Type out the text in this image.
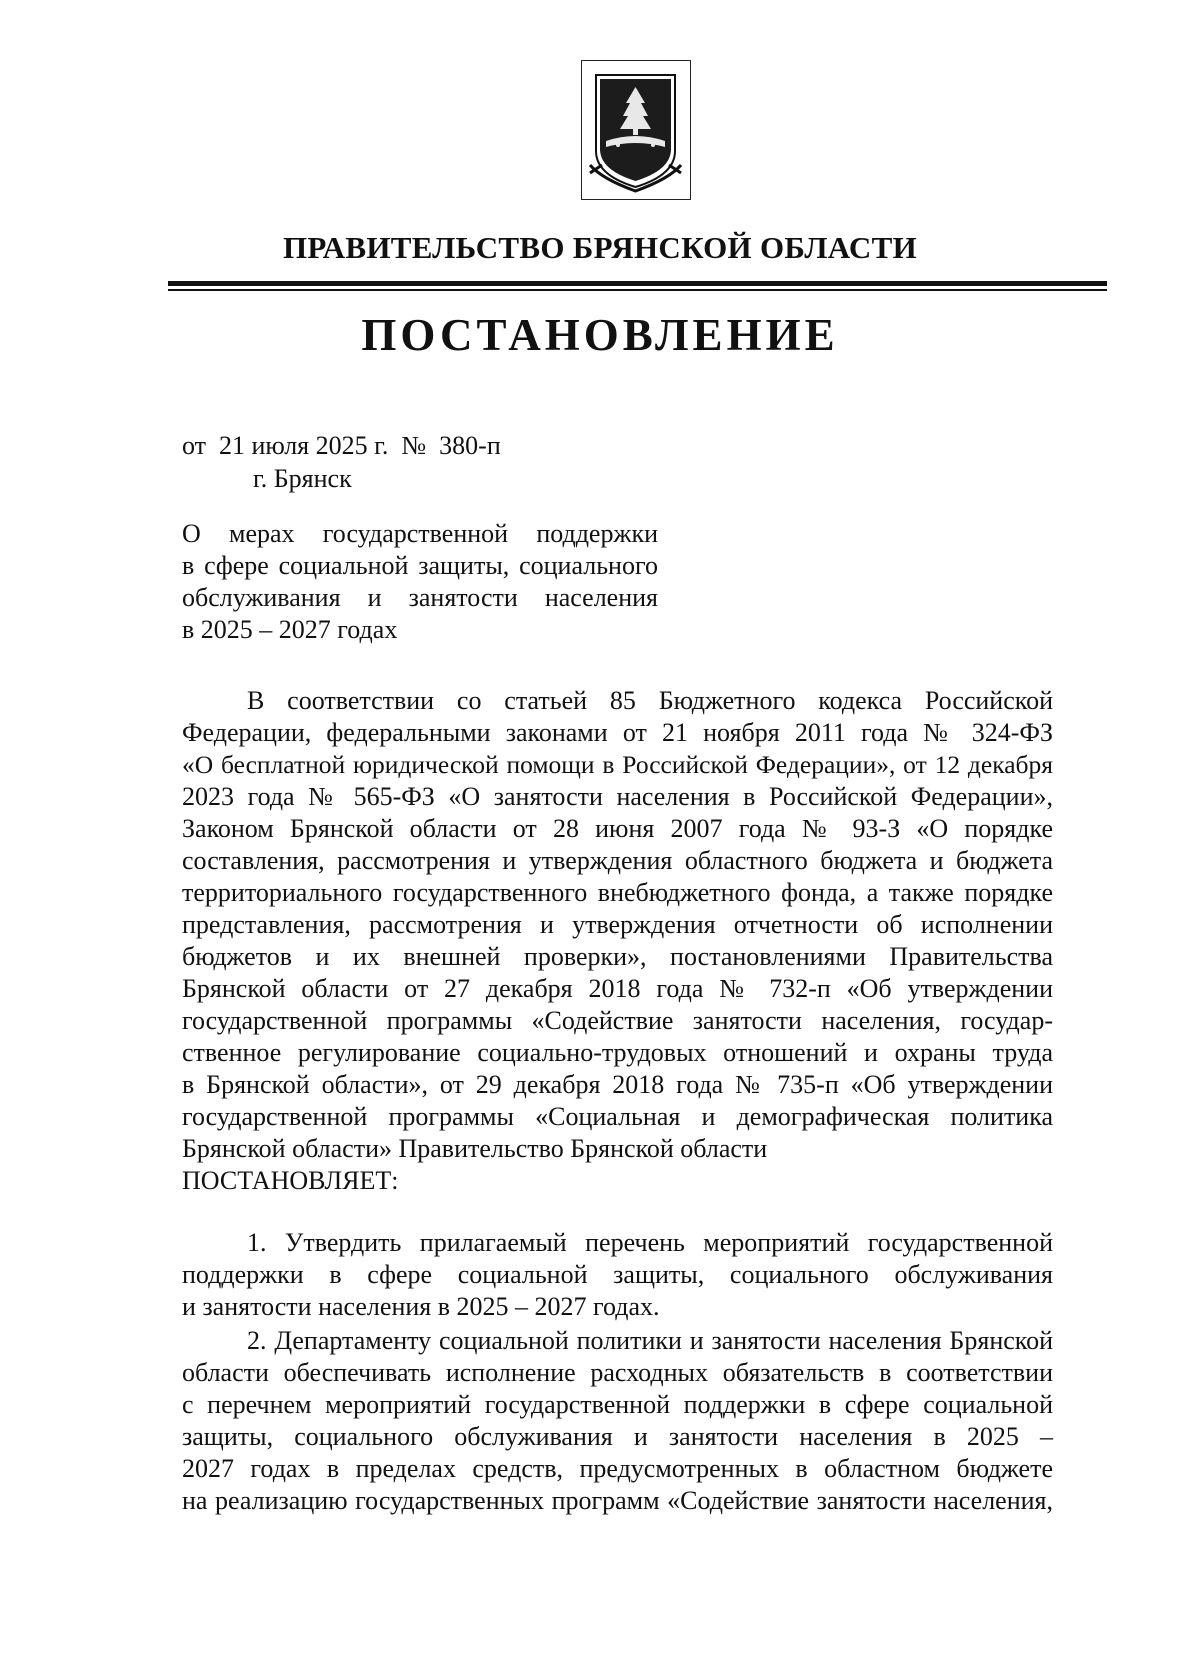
ПРАВИТЕЛЬСТВО БРЯНСКОЙ ОБЛАСТИ
ПОСТАНОВЛЕНИЕ
от  21 июля 2025 г.  №  380-п
г. Брянск
О мерах государственной поддержки
в сфере социальной защиты, социального
обслуживания и занятости населения
в 2025 – 2027 годах
В соответствии со статьей 85 Бюджетного кодекса Российской
Федерации, федеральными законами от 21 ноября 2011 года № 324-ФЗ
«О бесплатной юридической помощи в Российской Федерации», от 12 декабря
2023 года № 565-ФЗ «О занятости населения в Российской Федерации»,
Законом Брянской области от 28 июня 2007 года № 93-З «О порядке
составления, рассмотрения и утверждения областного бюджета и бюджета
территориального государственного внебюджетного фонда, а также порядке
представления, рассмотрения и утверждения отчетности об исполнении
бюджетов и их внешней проверки», постановлениями Правительства
Брянской области от 27 декабря 2018 года № 732-п «Об утверждении
государственной программы «Содействие занятости населения, государ-
ственное регулирование социально-трудовых отношений и охраны труда
в Брянской области», от 29 декабря 2018 года № 735-п «Об утверждении
государственной программы «Социальная и демографическая политика
Брянской области» Правительство Брянской области
ПОСТАНОВЛЯЕТ:
1. Утвердить прилагаемый перечень мероприятий государственной
поддержки в сфере социальной защиты, социального обслуживания
и занятости населения в 2025 – 2027 годах.
2. Департаменту социальной политики и занятости населения Брянской
области обеспечивать исполнение расходных обязательств в соответствии
с перечнем мероприятий государственной поддержки в сфере социальной
защиты, социального обслуживания и занятости населения в 2025 –
2027 годах в пределах средств, предусмотренных в областном бюджете
на реализацию государственных программ «Содействие занятости населения,
